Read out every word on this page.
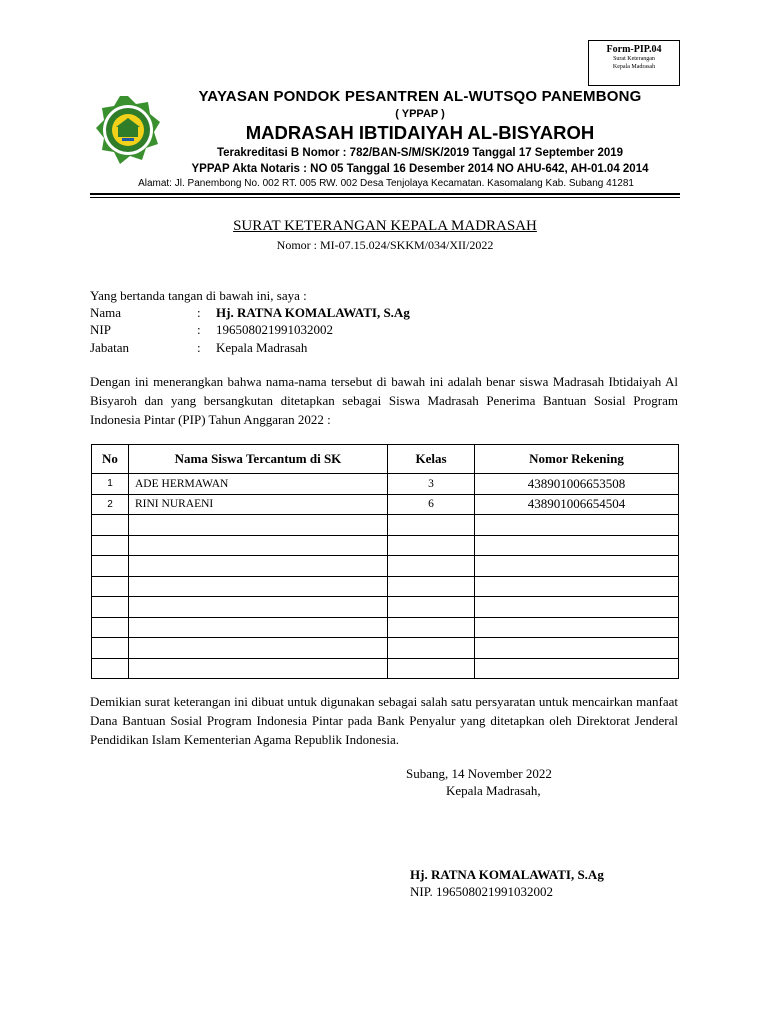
Form-PIP.04
Surat Keterangan
Kepala Madrasah
YAYASAN PONDOK PESANTREN AL-WUTSQO PANEMBONG
( YPPAP )
MADRASAH IBTIDAIYAH AL-BISYAROH
Terakreditasi B Nomor : 782/BAN-S/M/SK/2019 Tanggal 17 September 2019
YPPAP Akta Notaris : NO 05 Tanggal 16 Desember 2014 NO AHU-642, AH-01.04 2014
Alamat: Jl. Panembong No. 002 RT. 005 RW. 002 Desa Tenjolaya Kecamatan. Kasomalang Kab. Subang 41281
SURAT KETERANGAN KEPALA MADRASAH
Nomor : MI-07.15.024/SKKM/034/XII/2022
Yang bertanda tangan di bawah ini, saya :
Nama	: Hj. RATNA KOMALAWATI, S.Ag
NIP	: 196508021991032002
Jabatan	: Kepala Madrasah
Dengan ini menerangkan bahwa nama-nama tersebut di bawah ini adalah benar siswa Madrasah Ibtidaiyah Al Bisyaroh dan yang bersangkutan ditetapkan sebagai Siswa Madrasah Penerima Bantuan Sosial Program Indonesia Pintar (PIP) Tahun Anggaran 2022 :
No	Nama Siswa Tercantum di SK	Kelas	Nomor Rekening
1	ADE HERMAWAN	3	438901006653508
2	RINI NURAENI	6	438901006654504

Demikian surat keterangan ini dibuat untuk digunakan sebagai salah satu persyaratan untuk mencairkan manfaat Dana Bantuan Sosial Program Indonesia Pintar pada Bank Penyalur yang ditetapkan oleh Direktorat Jenderal Pendidikan Islam Kementerian Agama Republik Indonesia.
Subang, 14 November 2022
Kepala Madrasah,
Hj. RATNA KOMALAWATI, S.Ag
NIP. 196508021991032002
